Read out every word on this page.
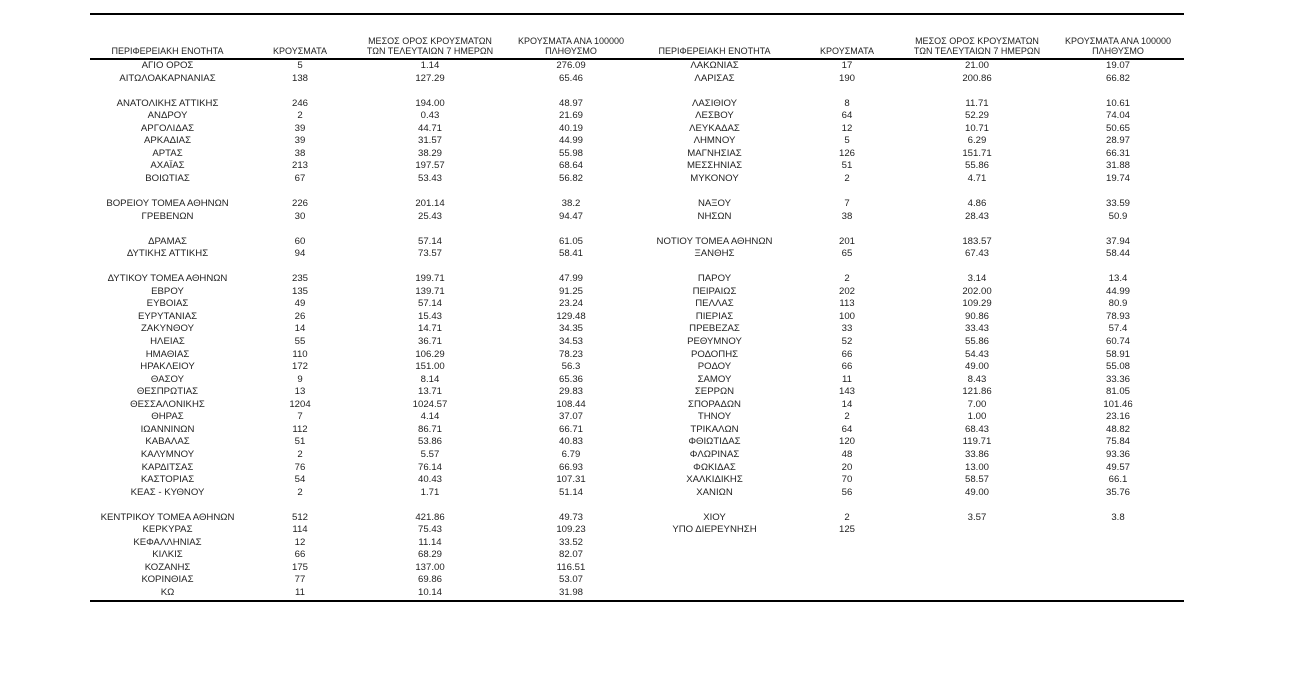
ΠΕΡΙΦΕΡΕΙΑΚΗ ΕΝΟΤΗΤΑ	ΚΡΟΥΣΜΑΤΑ	ΜΕΣΟΣ ΟΡΟΣ ΚΡΟΥΣΜΑΤΩΝ
ΤΩΝ ΤΕΛΕΥΤΑΙΩΝ 7 ΗΜΕΡΩΝ	ΚΡΟΥΣΜΑΤΑ ΑΝΑ 100000
ΠΛΗΘΥΣΜΟ	ΠΕΡΙΦΕΡΕΙΑΚΗ ΕΝΟΤΗΤΑ	ΚΡΟΥΣΜΑΤΑ	ΜΕΣΟΣ ΟΡΟΣ ΚΡΟΥΣΜΑΤΩΝ
ΤΩΝ ΤΕΛΕΥΤΑΙΩΝ 7 ΗΜΕΡΩΝ	ΚΡΟΥΣΜΑΤΑ ΑΝΑ 100000
ΠΛΗΘΥΣΜΟ

ΑΓΙΟ ΟΡΟΣ	5	1.14	276.09	ΛΑΚΩΝΙΑΣ	17	21.00	19.07
ΑΙΤΩΛΟΑΚΑΡΝΑΝΙΑΣ	138	127.29	65.46	ΛΑΡΙΣΑΣ	190	200.86	66.82

ΑΝΑΤΟΛΙΚΗΣ ΑΤΤΙΚΗΣ	246	194.00	48.97	ΛΑΣΙΘΙΟΥ	8	11.71	10.61
ΑΝΔΡΟΥ	2	0.43	21.69	ΛΕΣΒΟΥ	64	52.29	74.04
ΑΡΓΟΛΙΔΑΣ	39	44.71	40.19	ΛΕΥΚΑΔΑΣ	12	10.71	50.65
ΑΡΚΑΔΙΑΣ	39	31.57	44.99	ΛΗΜΝΟΥ	5	6.29	28.97
ΑΡΤΑΣ	38	38.29	55.98	ΜΑΓΝΗΣΙΑΣ	126	151.71	66.31
ΑΧΑΪΑΣ	213	197.57	68.64	ΜΕΣΣΗΝΙΑΣ	51	55.86	31.88
ΒΟΙΩΤΙΑΣ	67	53.43	56.82	ΜΥΚΟΝΟΥ	2	4.71	19.74

ΒΟΡΕΙΟΥ ΤΟΜΕΑ ΑΘΗΝΩΝ	226	201.14	38.2	ΝΑΞΟΥ	7	4.86	33.59
ΓΡΕΒΕΝΩΝ	30	25.43	94.47	ΝΗΣΩΝ	38	28.43	50.9

ΔΡΑΜΑΣ	60	57.14	61.05	ΝΟΤΙΟΥ ΤΟΜΕΑ ΑΘΗΝΩΝ	201	183.57	37.94
ΔΥΤΙΚΗΣ ΑΤΤΙΚΗΣ	94	73.57	58.41	ΞΑΝΘΗΣ	65	67.43	58.44

ΔΥΤΙΚΟΥ ΤΟΜΕΑ ΑΘΗΝΩΝ	235	199.71	47.99	ΠΑΡΟΥ	2	3.14	13.4
ΕΒΡΟΥ	135	139.71	91.25	ΠΕΙΡΑΙΩΣ	202	202.00	44.99
ΕΥΒΟΙΑΣ	49	57.14	23.24	ΠΕΛΛΑΣ	113	109.29	80.9
ΕΥΡΥΤΑΝΙΑΣ	26	15.43	129.48	ΠΙΕΡΙΑΣ	100	90.86	78.93
ΖΑΚΥΝΘΟΥ	14	14.71	34.35	ΠΡΕΒΕΖΑΣ	33	33.43	57.4
ΗΛΕΙΑΣ	55	36.71	34.53	ΡΕΘΥΜΝΟΥ	52	55.86	60.74
ΗΜΑΘΙΑΣ	110	106.29	78.23	ΡΟΔΟΠΗΣ	66	54.43	58.91
ΗΡΑΚΛΕΙΟΥ	172	151.00	56.3	ΡΟΔΟΥ	66	49.00	55.08
ΘΑΣΟΥ	9	8.14	65.36	ΣΑΜΟΥ	11	8.43	33.36
ΘΕΣΠΡΩΤΙΑΣ	13	13.71	29.83	ΣΕΡΡΩΝ	143	121.86	81.05
ΘΕΣΣΑΛΟΝΙΚΗΣ	1204	1024.57	108.44	ΣΠΟΡΑΔΩΝ	14	7.00	101.46
ΘΗΡΑΣ	7	4.14	37.07	ΤΗΝΟΥ	2	1.00	23.16
ΙΩΑΝΝΙΝΩΝ	112	86.71	66.71	ΤΡΙΚΑΛΩΝ	64	68.43	48.82
ΚΑΒΑΛΑΣ	51	53.86	40.83	ΦΘΙΩΤΙΔΑΣ	120	119.71	75.84
ΚΑΛΥΜΝΟΥ	2	5.57	6.79	ΦΛΩΡΙΝΑΣ	48	33.86	93.36
ΚΑΡΔΙΤΣΑΣ	76	76.14	66.93	ΦΩΚΙΔΑΣ	20	13.00	49.57
ΚΑΣΤΟΡΙΑΣ	54	40.43	107.31	ΧΑΛΚΙΔΙΚΗΣ	70	58.57	66.1
ΚΕΑΣ - ΚΥΘΝΟΥ	2	1.71	51.14	ΧΑΝΙΩΝ	56	49.00	35.76

ΚΕΝΤΡΙΚΟΥ ΤΟΜΕΑ ΑΘΗΝΩΝ	512	421.86	49.73	ΧΙΟΥ	2	3.57	3.8
ΚΕΡΚΥΡΑΣ	114	75.43	109.23	ΥΠΟ ΔΙΕΡΕΥΝΗΣΗ	125		
ΚΕΦΑΛΛΗΝΙΑΣ	12	11.14	33.52				
ΚΙΛΚΙΣ	66	68.29	82.07				
ΚΟΖΑΝΗΣ	175	137.00	116.51				
ΚΟΡΙΝΘΙΑΣ	77	69.86	53.07				
ΚΩ	11	10.14	31.98				
